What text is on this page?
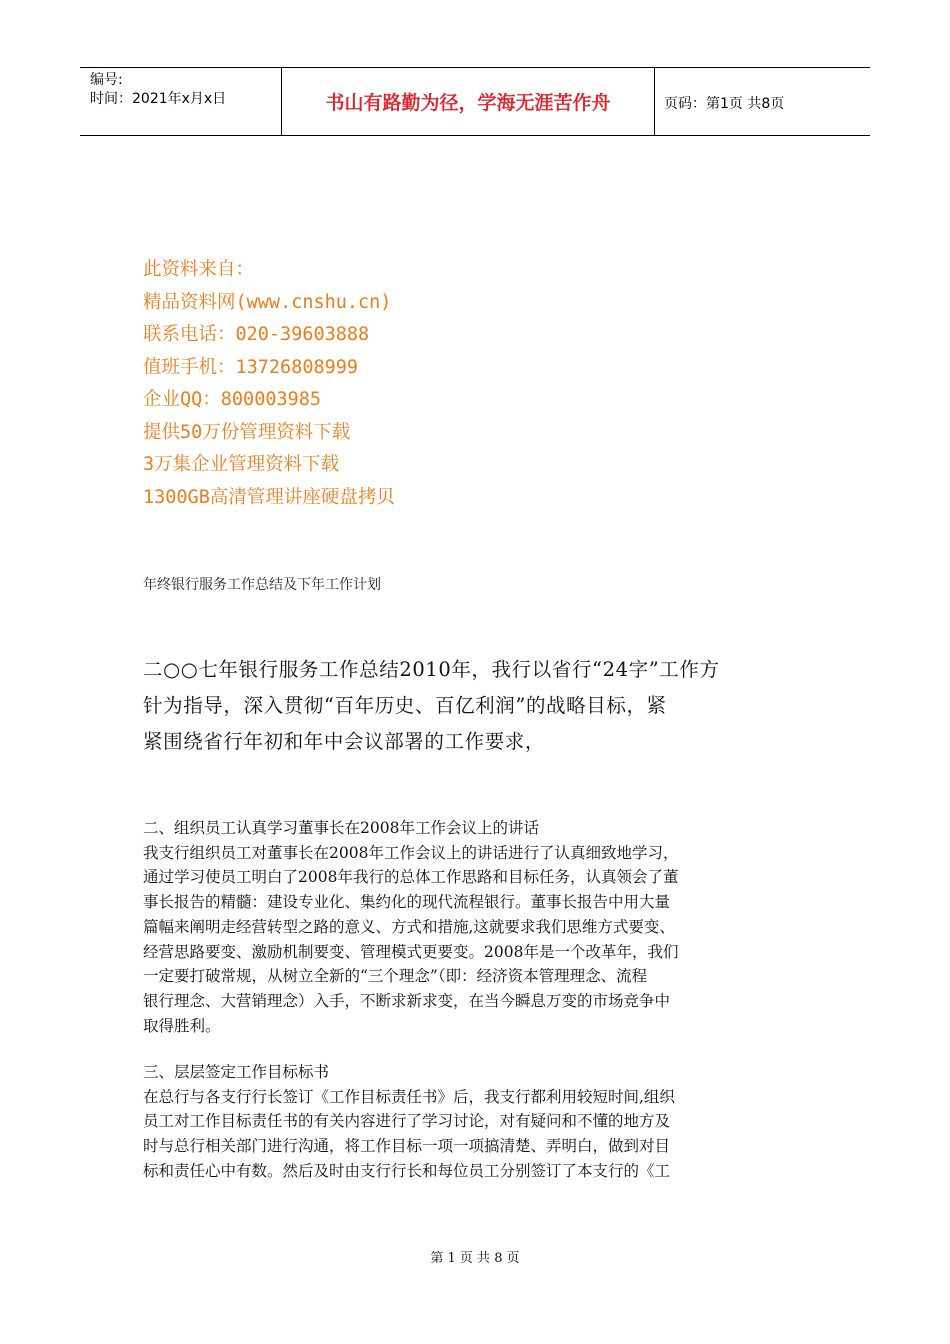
编号:
时间：2021年x月x日	书山有路勤为径，学海无涯苦作舟	页码：第1页 共8页
此资料来自：
精品资料网(www.cnshu.cn)
联系电话：020-39603888
值班手机：13726808999
企业QQ：800003985
提供50万份管理资料下载
3万集企业管理资料下载
1300GB高清管理讲座硬盘拷贝
年终银行服务工作总结及下年工作计划
二○○七年银行服务工作总结2010年，我行以省行“24字”工作方
针为指导，深入贯彻“百年历史、百亿利润”的战略目标，紧
紧围绕省行年初和年中会议部署的工作要求，
二、组织员工认真学习董事长在2008年工作会议上的讲话
我支行组织员工对董事长在2008年工作会议上的讲话进行了认真细致地学习，
通过学习使员工明白了2008年我行的总体工作思路和目标任务，认真领会了董
事长报告的精髓：建设专业化、集约化的现代流程银行。董事长报告中用大量
篇幅来阐明走经营转型之路的意义、方式和措施,这就要求我们思维方式要变、
经营思路要变、激励机制要变、管理模式更要变。2008年是一个改革年，我们
一定要打破常规，从树立全新的“三个理念”（即：经济资本管理理念、流程
银行理念、大营销理念）入手，不断求新求变，在当今瞬息万变的市场竞争中
取得胜利。
三、层层签定工作目标标书
在总行与各支行行长签订《工作目标责任书》后，我支行都利用较短时间,组织
员工对工作目标责任书的有关内容进行了学习讨论，对有疑问和不懂的地方及
时与总行相关部门进行沟通，将工作目标一项一项搞清楚、弄明白，做到对目
标和责任心中有数。然后及时由支行行长和每位员工分别签订了本支行的《工
第 1 页 共 8 页
